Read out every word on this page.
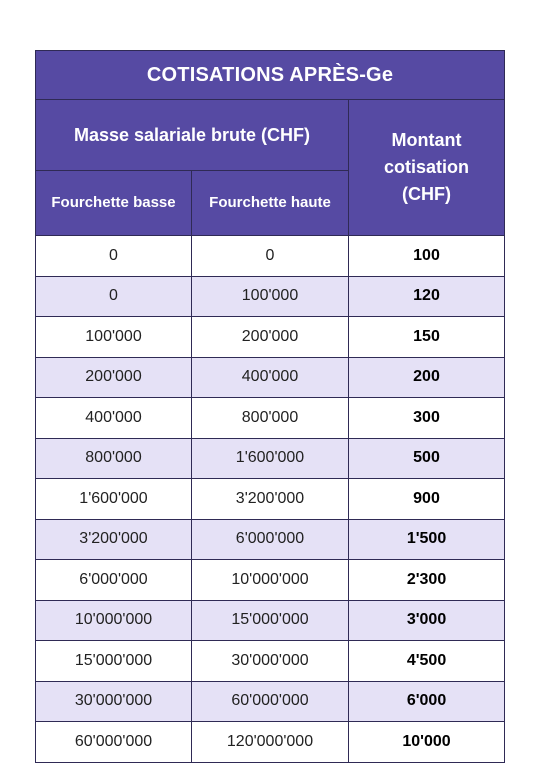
COTISATIONS APRÈS-Ge		
Masse salariale brute (CHF)		Montant cotisation (CHF)
Fourchette basse	Fourchette haute	
0	0	100
0	100'000	120
100'000	200'000	150
200'000	400'000	200
400'000	800'000	300
800'000	1'600'000	500
1'600'000	3'200'000	900
3'200'000	6'000'000	1'500
6'000'000	10'000'000	2'300
10'000'000	15'000'000	3'000
15'000'000	30'000'000	4'500
30'000'000	60'000'000	6'000
60'000'000	120'000'000	10'000
